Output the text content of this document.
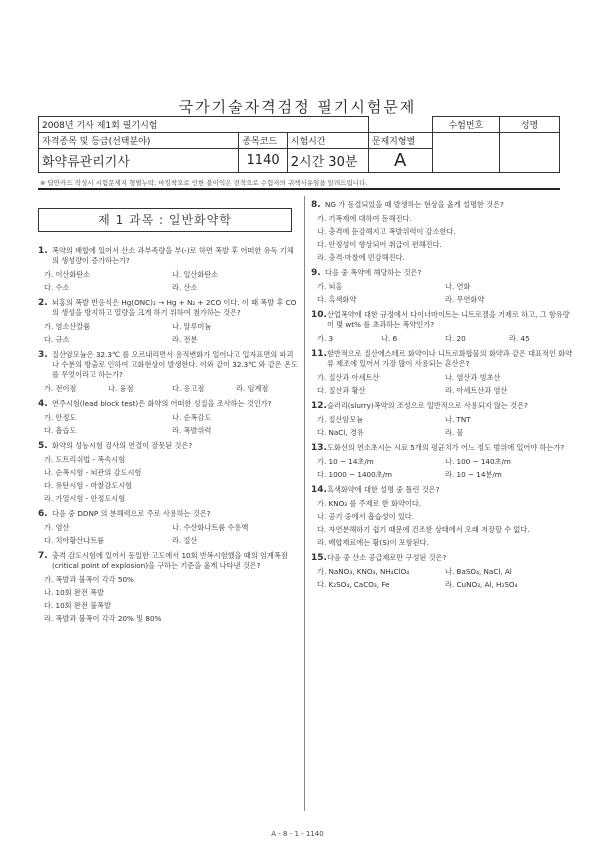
국가기술자격검정 필기시험문제
2008년 기사 제1회 필기시험				수험번호	성명
자격종목 및 등급(선택분야)	종목코드	시험시간	문제지형별		
화약류관리기사	1140	2시간 30분	A		
※ 답안카드 작성시 시험문제지 형별누락, 마킹착오로 인한 불이익은 전적으로 수험자의 귀책사유임을 알려드립니다.
제 1 과목 : 일반화약학
1. 폭약의 배합에 있어서 산소 과부족량을 부(-)로 하면 폭발 후 어떠한 유독 기체의 생성량이 증가하는가?
가. 이산화탄소	나. 일산화탄소
다. 수소	라. 산소
2. 뇌홍의 폭발 반응식은 Hg(ONC)₂ → Hg + N₂ + 2CO 이다. 이 때 폭발 후 CO 의 생성을 방지하고 열량을 크게 하기 위하여 첨가하는 것은?
가. 염소산칼륨	나. 알루미늄
다. 규소	라. 전분
3. 질산암모늄은 32.3℃ 를 오르내리면서 용적변화가 일어나고 입자표면의 파괴나 수분의 방출로 인하여 고화현상이 발생한다. 이와 같이 32.3℃ 와 같은 온도를 무엇이라고 하는가?
가. 전이점	나. 융점	다. 응고점	라. 임계점
4. 연주시험(lead block test)은 화약의 어떠한 성질을 조사하는 것인가?
가. 안정도	나. 순폭감도
다. 흡습도	라. 폭발위력
5. 화약의 성능시험 검사의 연결이 잘못된 것은?
가. 도트리쉬법 - 폭속시험
나. 순폭시험 - 뇌관의 감도시험
다. 유탄시험 - 마찰감도시험
라. 가열시험 - 안정도시험
6. 다음 중 DDNP 의 분해력으로 주로 사용하는 것은?
가. 염산	나. 수산화나트륨 수용액
다. 치아황산나트륨	라. 질산
7. 충격 감도시험에 있어서 동일한 고도에서 10회 반복시험했을 때의 임계폭점(critical point of explosion)을 구하는 기준을 옳게 나타낸 것은?
가. 폭발과 불폭이 각각 50%
나. 10회 완전 폭발
다. 10회 완전 불폭발
라. 폭발과 불폭이 각각 20% 및 80%
8. NG 가 동결되었을 때 발생하는 현상을 옳게 설명한 것은?
가. 기폭제에 대하여 둔해진다.
나. 충격에 둔감해지고 폭발위력이 감소한다.
다. 안정성이 향상되어 취급이 편해진다.
라. 충격·마찰에 민감해진다.
9. 다음 중 폭약에 해당하는 것은?
가. 뇌홍	나. 연화
다. 흑색화약	라. 무연화약
10. 산업폭약에 대한 규정에서 다이너마이트는 니트로겔을 기제로 하고, 그 함유량이 몇 wt% 를 초과하는 폭약인가?
가. 3	나. 6	다. 20	라. 45
11. 함반적으로 질산에스테르 화약이나 니트로화합물의 화약과 같은 대표적인 화약류 제조에 있어서 가장 많이 사용되는 혼산은?
가. 질산과 아세트산	나. 염산과 빙초산
다. 질산과 황산	라. 아세트산과 염산
12. 슬러리(slurry)폭약의 조성으로 일반적으로 사용되지 않는 것은?
가. 질산암모늄	나. TNT
다. NaCl, 경유	라. 물
13. 도화선의 연소초시는 시료 5개의 평균치가 어느 정도 범위에 있어야 하는가?
가. 10 ~ 14초/m	나. 100 ~ 140초/m
다. 1000 ~ 1400초/m	라. 10 ~ 14분/m
14. 흑색화약에 대한 설명 중 틀린 것은?
가. KNO₃ 를 주제로 한 화약이다.
나. 공기 중에서 흡습성이 있다.
다. 자연분해하기 쉽기 때문에 건조한 상태에서 오래 저장할 수 없다.
라. 배합재료에는 황(S)이 포함된다.
15. 다음 중 산소 공급제로만 구성된 것은?
가. NaNO₃, KNO₃, NH₄ClO₄	나. BaSO₄, NaCl, Al
다. K₂SO₄, CaCO₃, Fe	라. CuNO₃, Al, H₂SO₄
A - 8 - 1 - 1140
